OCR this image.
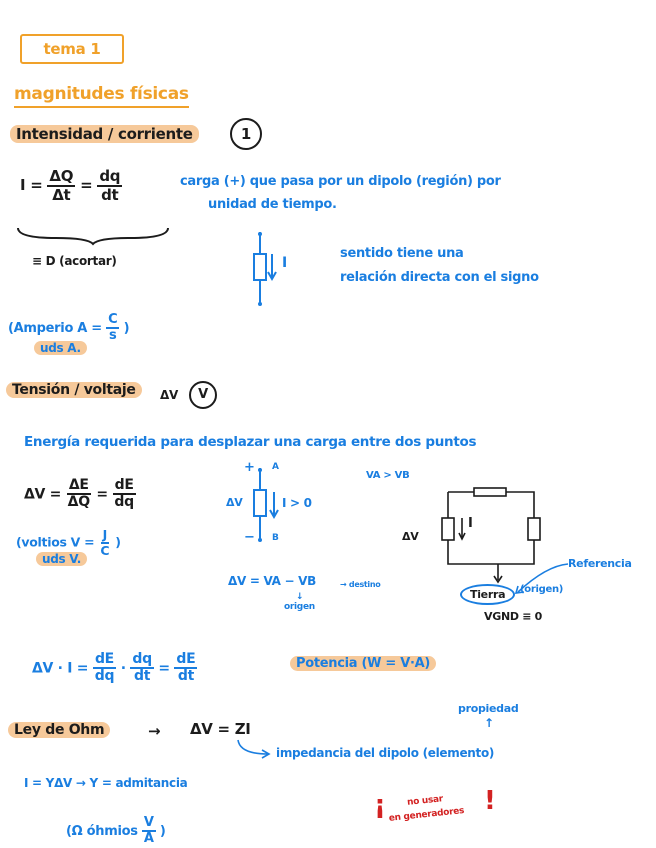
tema 1
magnitudes físicas
Intensidad / corriente	1
$I = \frac{\Delta Q}{\Delta t} = \frac{dq}{dt}$	carga (+) que pasa por un dipolo (región) por
unidad de tiempo.
≡ D (acortar)	I
sentido tiene una
relación directa con el signo
(Amperio $A = \frac{C}{s}$ )
uds A.
Tensión / voltaje	ΔV	V
Energía requerida para desplazar una carga entre dos puntos
$\Delta V = \frac{\Delta E}{\Delta Q} = \frac{dE}{dq}$
(voltios $V = \frac{J}{C}$ )
uds V.
+ A
− B
ΔV	I > 0
VA > VB
ΔV = VA − VB	→ destino
↓
origen
ΔV
I
Referencia
Tierra	(origen)
VGND ≡ 0
$\Delta V \cdot I = \frac{dE}{dq} \cdot \frac{dq}{dt} = \frac{dE}{dt}$	Potencia (W = V·A)
Ley de Ohm	→ ΔV = ZI
propiedad
↑
impedancia del dipolo (elemento)
I = YΔV → Y = admitancia
(Ω óhmios $\frac{V}{A}$ )
¡	!
no usar
en generadores
